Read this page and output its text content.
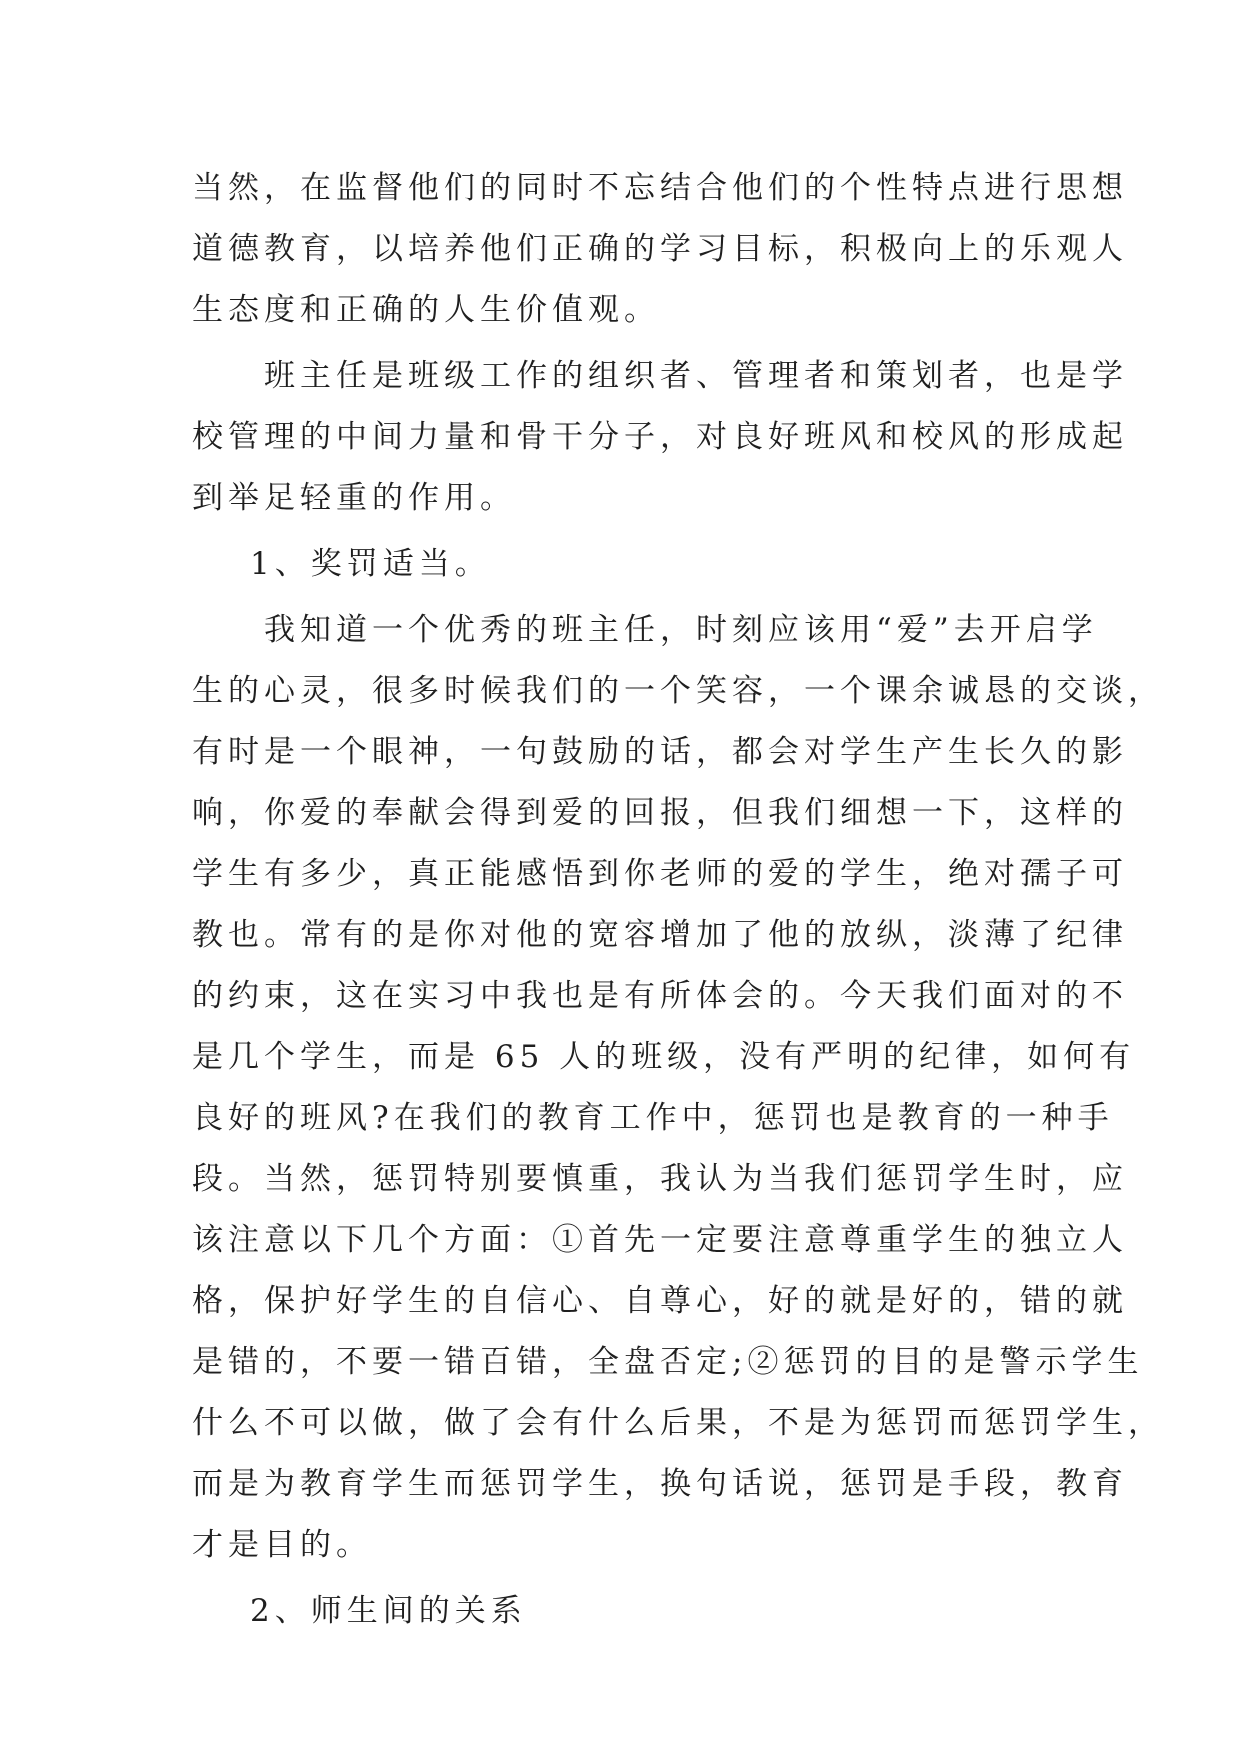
当然，在监督他们的同时不忘结合他们的个性特点进行思想

道德教育，以培养他们正确的学习目标，积极向上的乐观人

生态度和正确的人生价值观。

班主任是班级工作的组织者、管理者和策划者，也是学

校管理的中间力量和骨干分子，对良好班风和校风的形成起

到举足轻重的作用。

1、奖罚适当。

我知道一个优秀的班主任，时刻应该用“爱”去开启学

生的心灵，很多时候我们的一个笑容，一个课余诚恳的交谈，

有时是一个眼神，一句鼓励的话，都会对学生产生长久的影

响，你爱的奉献会得到爱的回报，但我们细想一下，这样的

学生有多少，真正能感悟到你老师的爱的学生，绝对孺子可

教也。常有的是你对他的宽容增加了他的放纵，淡薄了纪律

的约束，这在实习中我也是有所体会的。今天我们面对的不

是几个学生，而是 65 人的班级，没有严明的纪律，如何有

良好的班风?在我们的教育工作中，惩罚也是教育的一种手

段。当然，惩罚特别要慎重，我认为当我们惩罚学生时，应

该注意以下几个方面：①首先一定要注意尊重学生的独立人

格，保护好学生的自信心、自尊心，好的就是好的，错的就

是错的，不要一错百错，全盘否定;②惩罚的目的是警示学生

什么不可以做，做了会有什么后果，不是为惩罚而惩罚学生，

而是为教育学生而惩罚学生，换句话说，惩罚是手段，教育

才是目的。

2、师生间的关系
